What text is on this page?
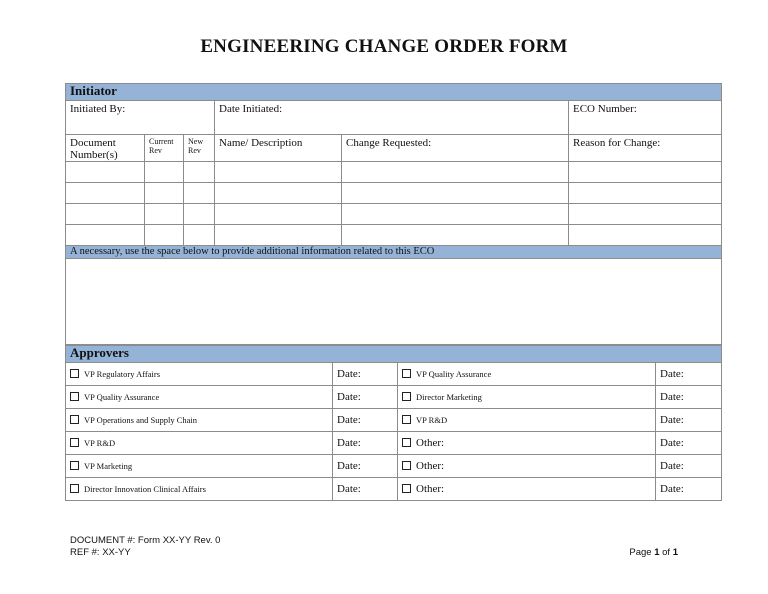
ENGINEERING CHANGE ORDER FORM
Initiator					
Initiated By:			Date Initiated:		ECO Number:
Document Number(s)	Current Rev	New Rev	Name/ Description	Change Requested:	Reason for Change:

A necessary, use the space below to provide additional information related to this ECO					

Approvers			
VP Regulatory Affairs	Date:	VP Quality Assurance	Date:
VP Quality Assurance	Date:	Director Marketing	Date:
VP Operations and Supply Chain	Date:	VP R&D	Date:
VP R&D	Date:	Other:	Date:
VP Marketing	Date:	Other:	Date:
Director Innovation Clinical Affairs	Date:	Other:	Date:
DOCUMENT #: Form XX-YY Rev. 0
REF #: XX-YY	Page 1 of 1
